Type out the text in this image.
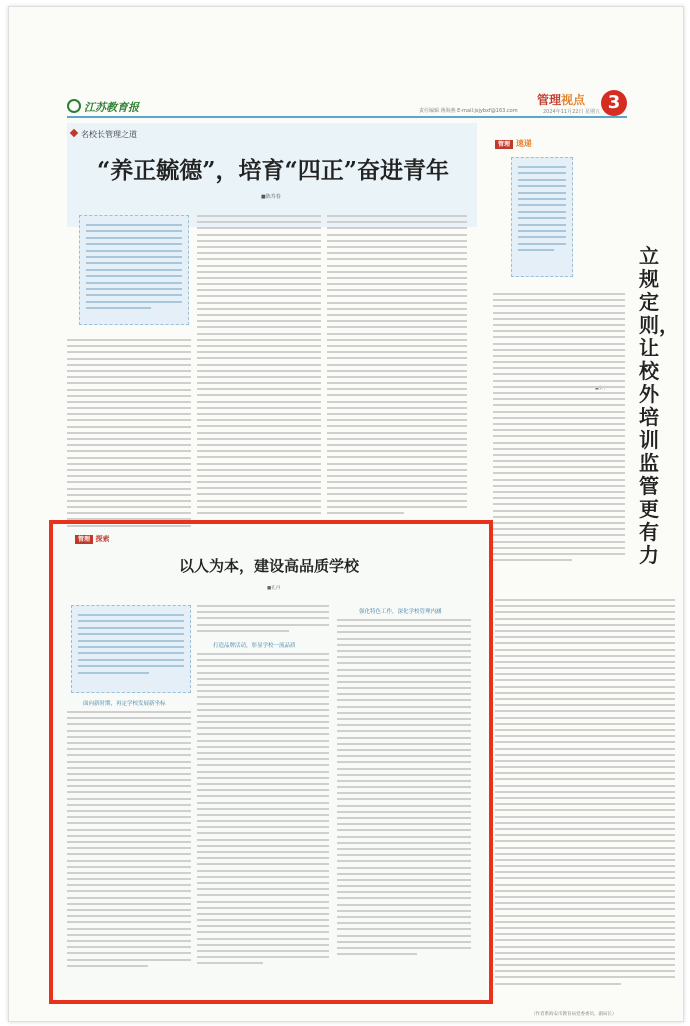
江苏教育报	责任编辑 蒋海燕 E-mail:jsjybxf@163.com
管理视点
2024年11月22日 星期五 3
名校长管理之道
“养正毓德”，培育“四正”奋进青年
■陈寿春
管理 速递
立规定则，让校外培训监管更有力
（作者系海安市教育局党委委员、副局长）
管理 探索
以人为本，建设高品质学校
■孔丹
面向新时期，再定学校发展新坐标
打造品牌活动，彰显学校一流品质
强化特色工作，深化学校管理内涵
